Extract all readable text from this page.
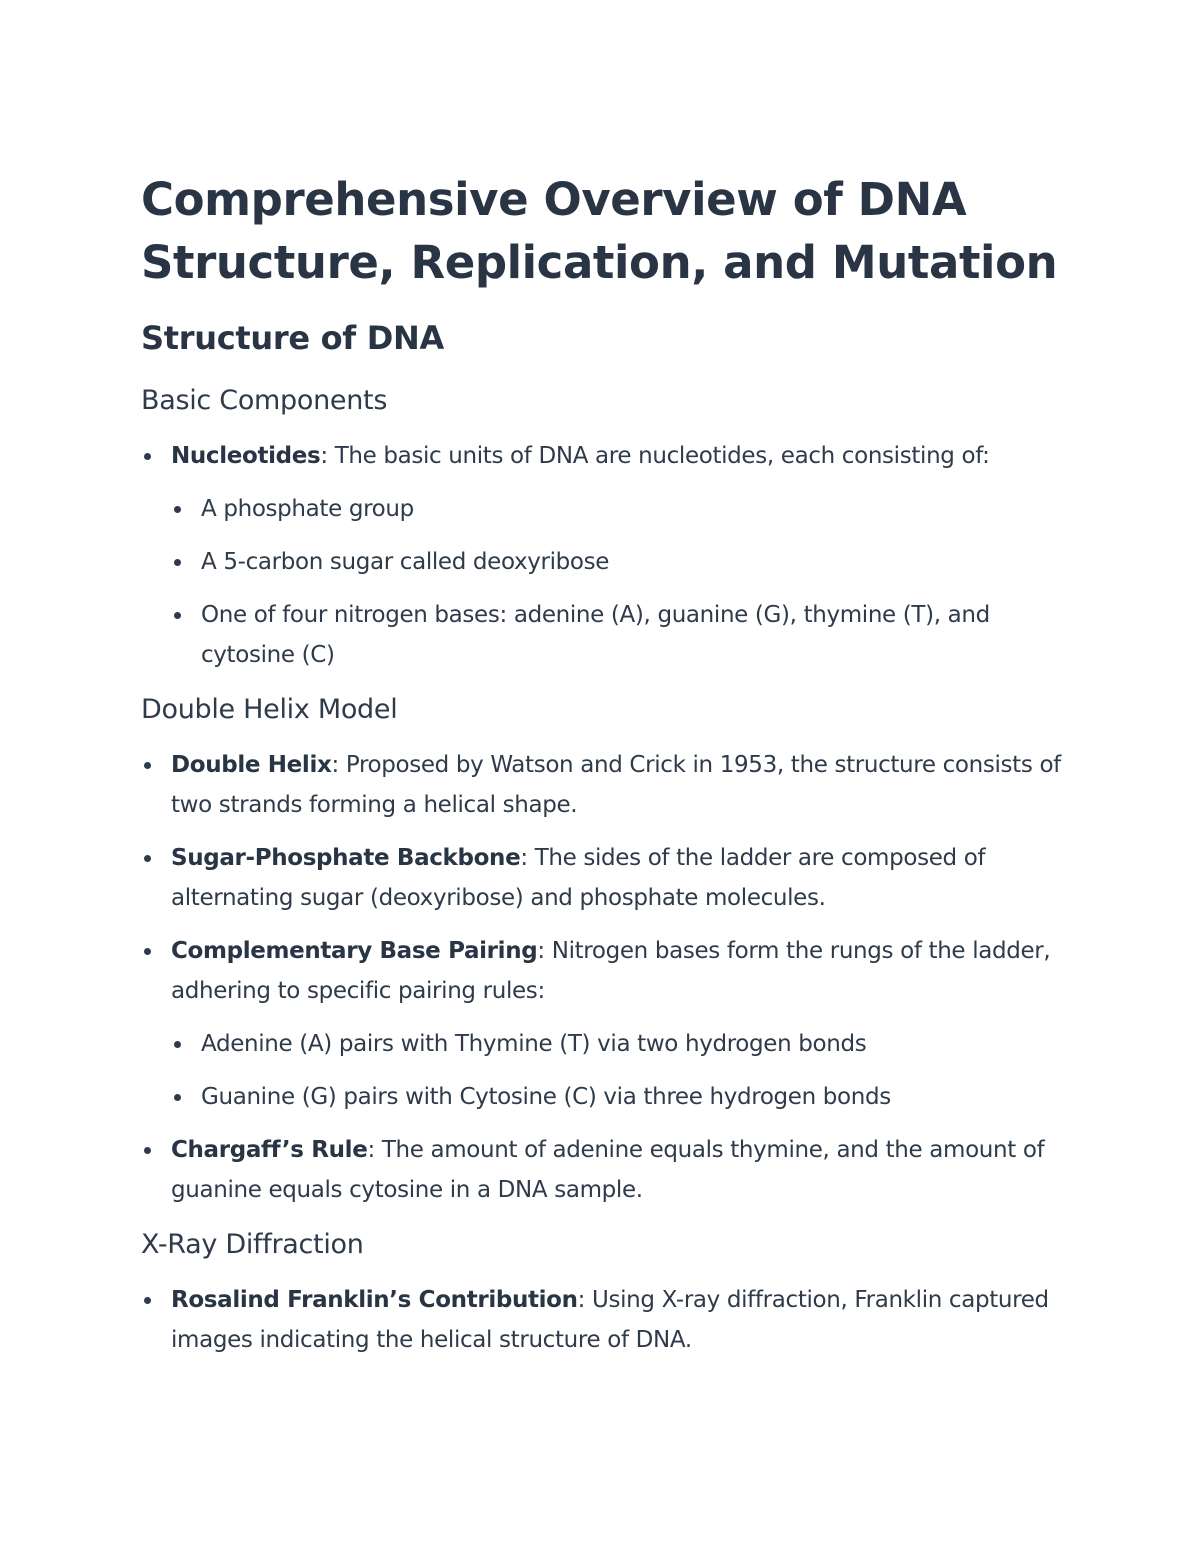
Comprehensive Overview of DNA Structure, Replication, and Mutation
Structure of DNA
Basic Components
Nucleotides: The basic units of DNA are nucleotides, each consisting of:
A phosphate group
A 5-carbon sugar called deoxyribose
One of four nitrogen bases: adenine (A), guanine (G), thymine (T), and cytosine (C)
Double Helix Model
Double Helix: Proposed by Watson and Crick in 1953, the structure consists of two strands forming a helical shape.
Sugar-Phosphate Backbone: The sides of the ladder are composed of alternating sugar (deoxyribose) and phosphate molecules.
Complementary Base Pairing: Nitrogen bases form the rungs of the ladder, adhering to specific pairing rules:
Adenine (A) pairs with Thymine (T) via two hydrogen bonds
Guanine (G) pairs with Cytosine (C) via three hydrogen bonds
Chargaff’s Rule: The amount of adenine equals thymine, and the amount of guanine equals cytosine in a DNA sample.
X-Ray Diffraction
Rosalind Franklin’s Contribution: Using X-ray diffraction, Franklin captured images indicating the helical structure of DNA.
